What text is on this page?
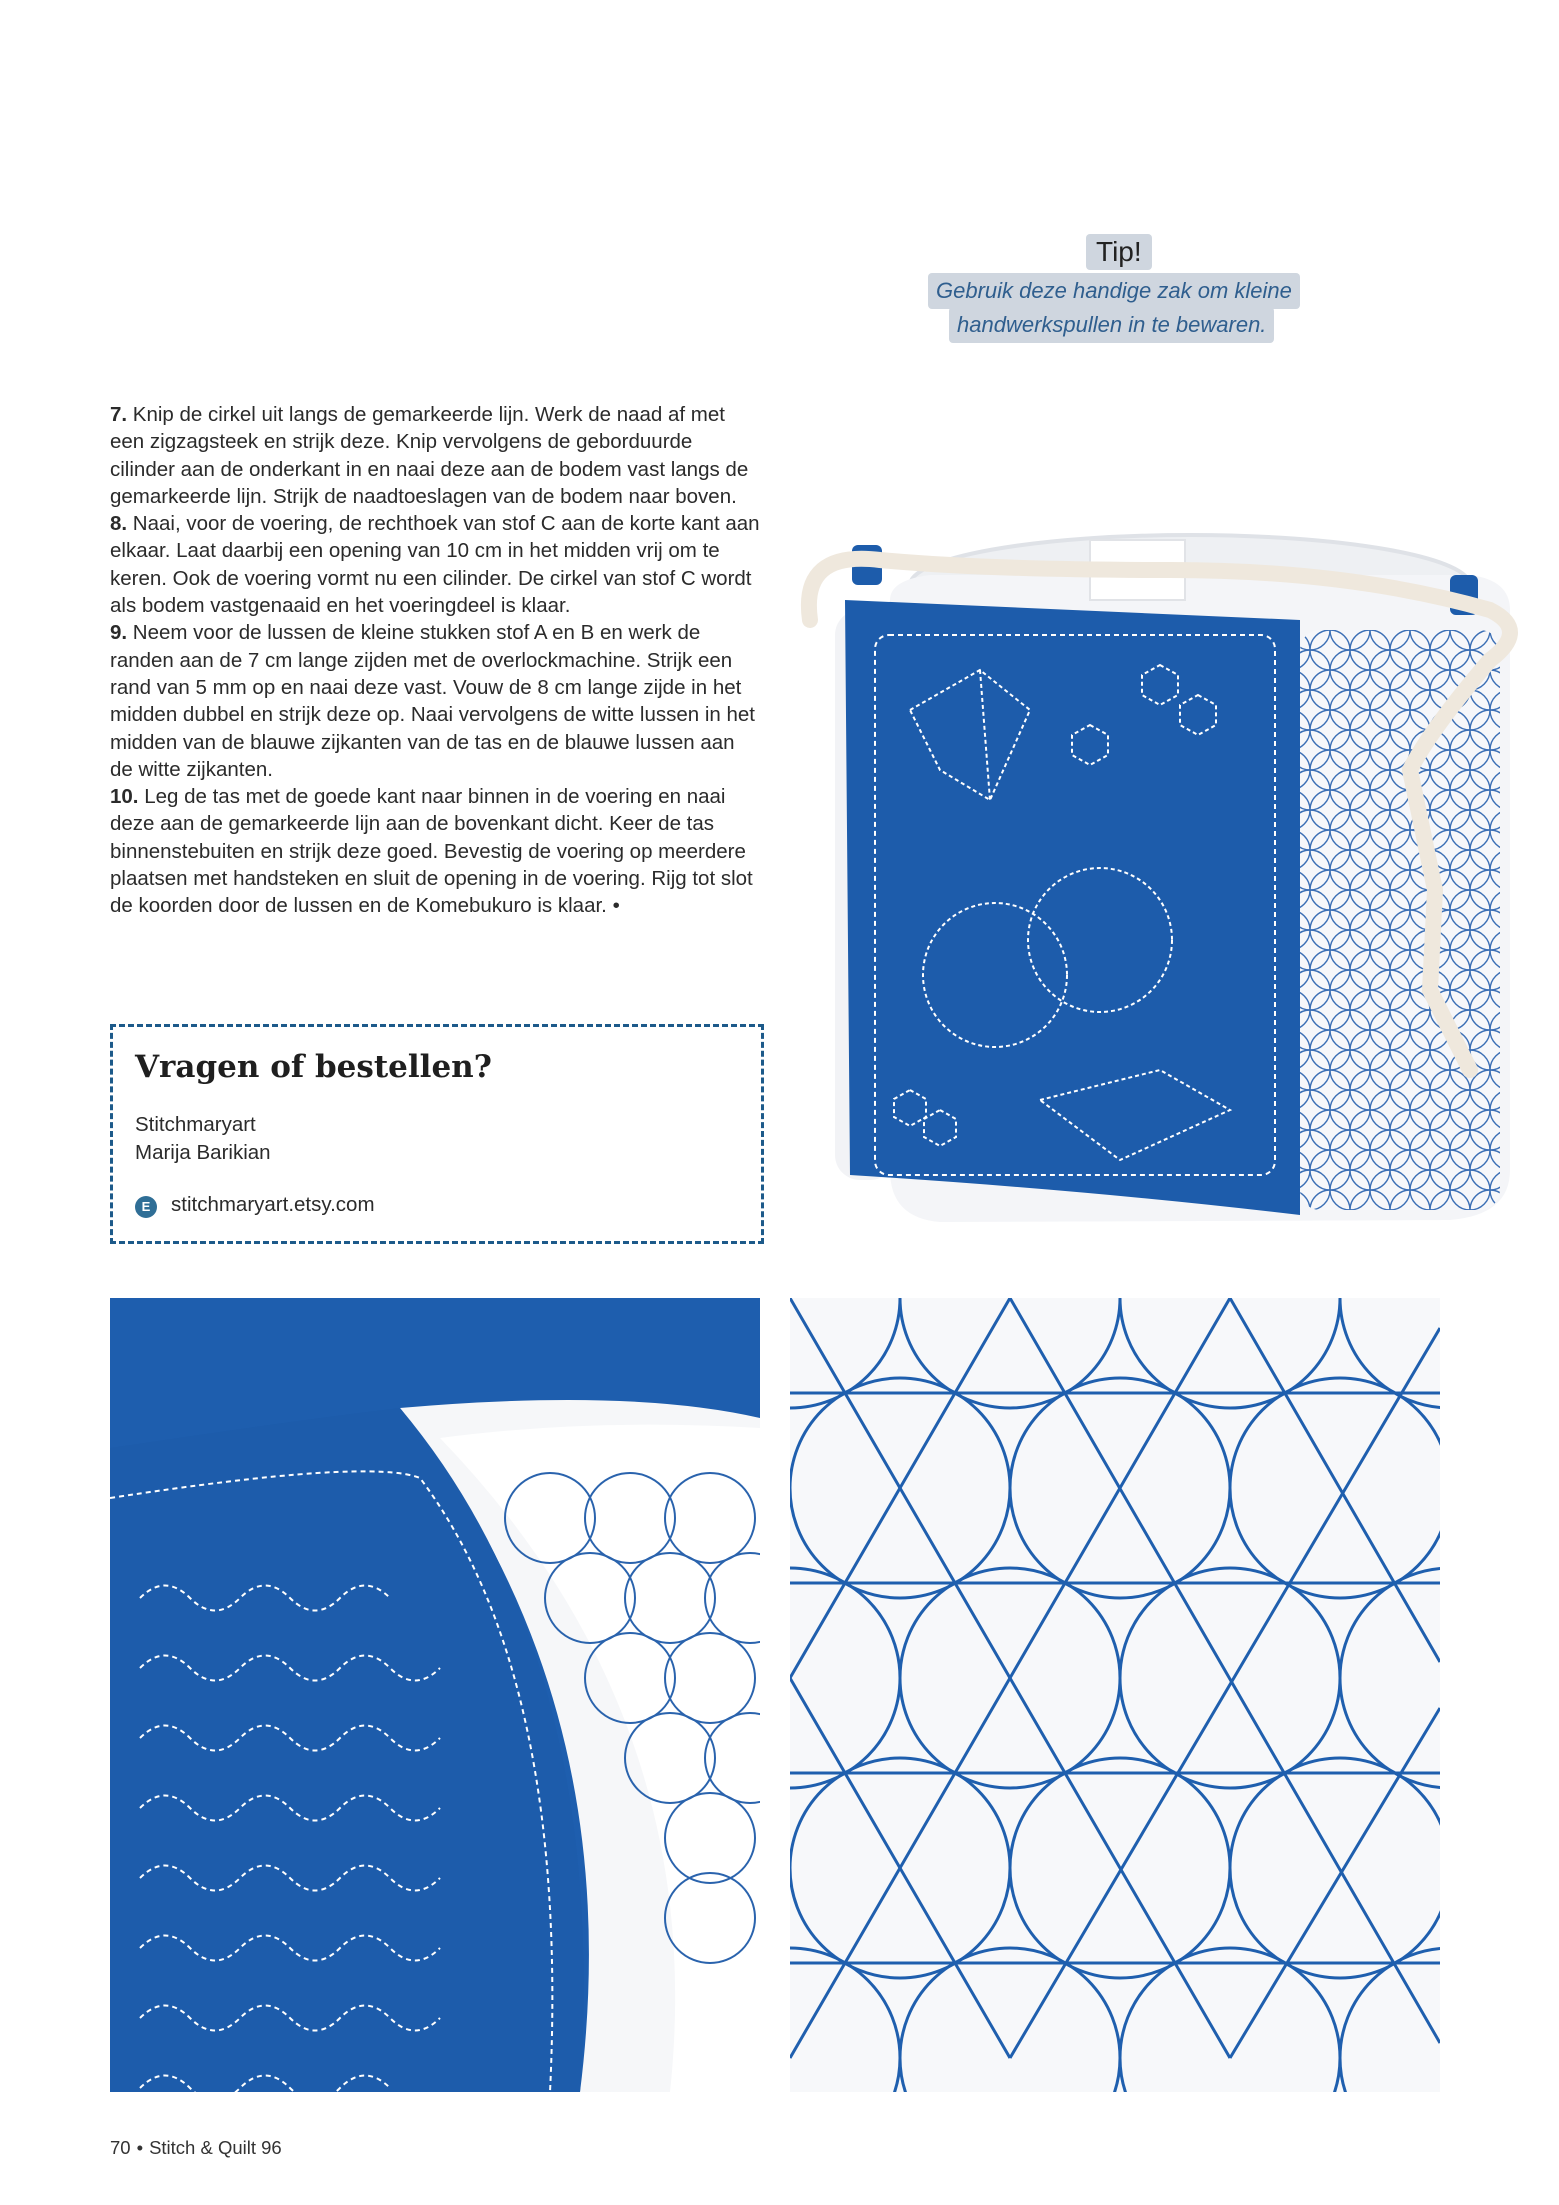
Tip!
Gebruik deze handige zak om kleine
handwerkspullen in te bewaren.

7. Knip de cirkel uit langs de gemarkeerde lijn. Werk de naad af met een zigzagsteek en strijk deze. Knip vervolgens de geborduurde cilinder aan de onderkant in en naai deze aan de bodem vast langs de gemarkeerde lijn. Strijk de naadtoeslagen van de bodem naar boven.

8. Naai, voor de voering, de rechthoek van stof C aan de korte kant aan elkaar. Laat daarbij een opening van 10 cm in het midden vrij om te keren. Ook de voering vormt nu een cilinder. De cirkel van stof C wordt als bodem vastgenaaid en het voeringdeel is klaar.

9. Neem voor de lussen de kleine stukken stof A en B en werk de randen aan de 7 cm lange zijden met de overlockmachine. Strijk een rand van 5 mm op en naai deze vast. Vouw de 8 cm lange zijde in het midden dubbel en strijk deze op. Naai vervolgens de witte lussen in het midden van de blauwe zijkanten van de tas en de blauwe lussen aan de witte zijkanten.

10. Leg de tas met de goede kant naar binnen in de voering en naai deze aan de gemarkeerde lijn aan de bovenkant dicht. Keer de tas binnenstebuiten en strijk deze goed. Bevestig de voering op meerdere plaatsen met handsteken en sluit de opening in de voering. Rijg tot slot de koorden door de lussen en de Komebukuro is klaar. •

Vragen of bestellen?
Stitchmaryart
Marija Barikian
E	stitchmaryart.etsy.com
70 • Stitch & Quilt 96
